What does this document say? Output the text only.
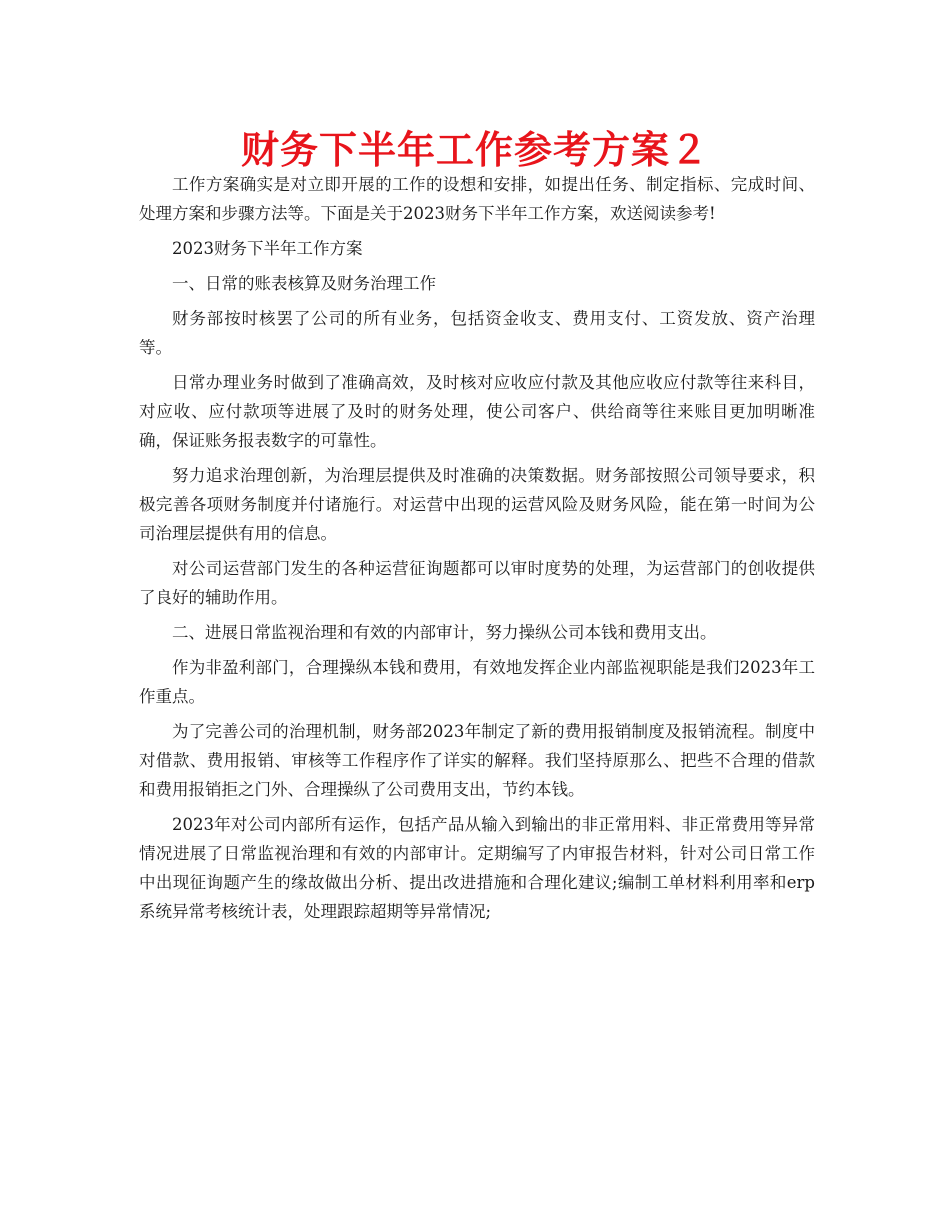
财务下半年工作参考方案２

工作方案确实是对立即开展的工作的设想和安排，如提出任务、制定指标、完成时间、处理方案和步骤方法等。下面是关于2023财务下半年工作方案，欢送阅读参考!

2023财务下半年工作方案

一、日常的账表核算及财务治理工作

财务部按时核罢了公司的所有业务，包括资金收支、费用支付、工资发放、资产治理等。

日常办理业务时做到了准确高效，及时核对应收应付款及其他应收应付款等往来科目，对应收、应付款项等进展了及时的财务处理，使公司客户、供给商等往来账目更加明晰准确，保证账务报表数字的可靠性。

努力追求治理创新，为治理层提供及时准确的决策数据。财务部按照公司领导要求，积极完善各项财务制度并付诸施行。对运营中出现的运营风险及财务风险，能在第一时间为公司治理层提供有用的信息。

对公司运营部门发生的各种运营征询题都可以审时度势的处理，为运营部门的创收提供了良好的辅助作用。

二、进展日常监视治理和有效的内部审计，努力操纵公司本钱和费用支出。

作为非盈利部门，合理操纵本钱和费用，有效地发挥企业内部监视职能是我们2023年工作重点。

为了完善公司的治理机制，财务部2023年制定了新的费用报销制度及报销流程。制度中对借款、费用报销、审核等工作程序作了详实的解释。我们坚持原那么、把些不合理的借款和费用报销拒之门外、合理操纵了公司费用支出，节约本钱。

2023年对公司内部所有运作，包括产品从输入到输出的非正常用料、非正常费用等异常情况进展了日常监视治理和有效的内部审计。定期编写了内审报告材料，针对公司日常工作中出现征询题产生的缘故做出分析、提出改进措施和合理化建议;编制工单材料利用率和erp系统异常考核统计表，处理跟踪超期等异常情况;
